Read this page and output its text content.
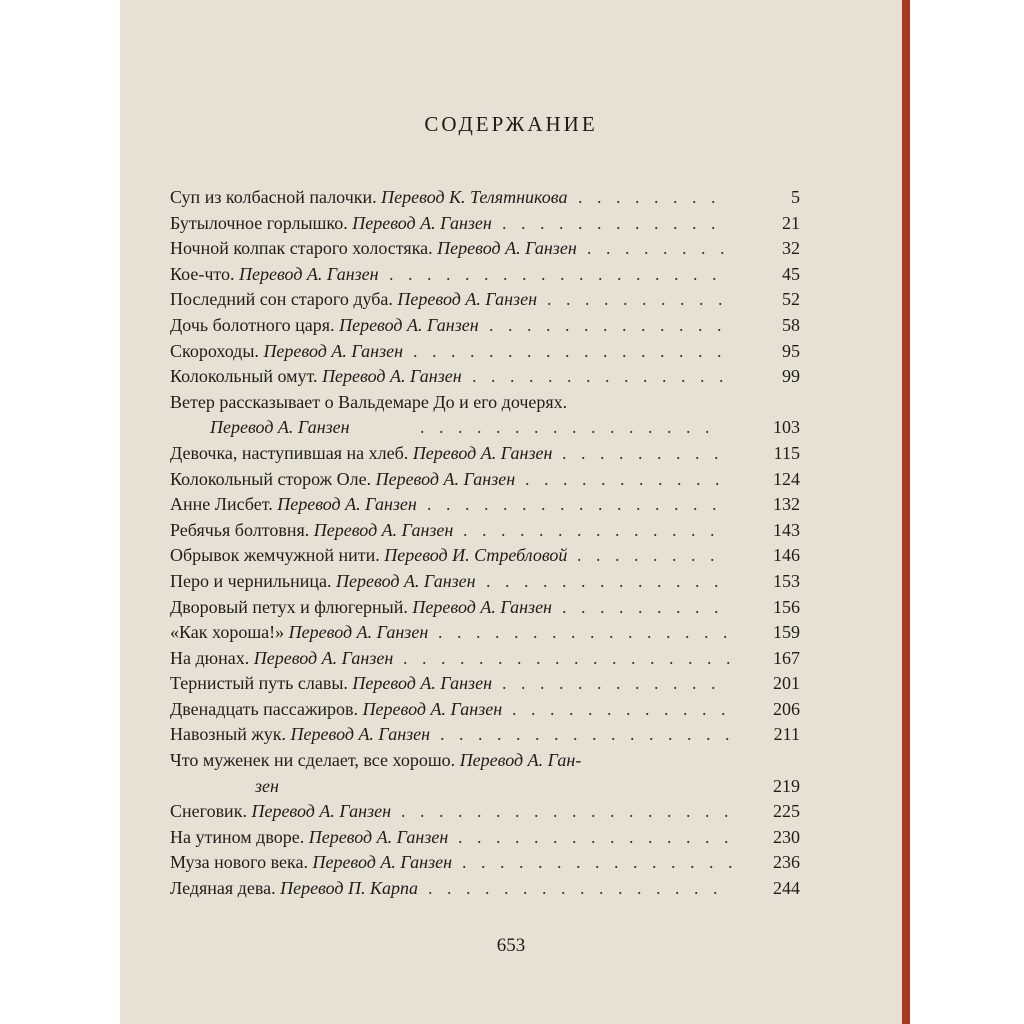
СОДЕРЖАНИЕ
Суп из колбасной палочки. Перевод К. Телятникова	5
. . . . . . . .
Бутылочное горлышко. Перевод А. Ганзен	21
. . . . . . . . . . . .
Ночной колпак старого холостяка. Перевод А. Ганзен	32
. . . . . . . .
Кое-что. Перевод А. Ганзен	45
. . . . . . . . . . . . . . . . . .
Последний сон старого дуба. Перевод А. Ганзен	52
. . . . . . . . . .
Дочь болотного царя. Перевод А. Ганзен	58
. . . . . . . . . . . . .
Скороходы. Перевод А. Ганзен	95
. . . . . . . . . . . . . . . . .
Колокольный омут. Перевод А. Ганзен	99
. . . . . . . . . . . . . .
Ветер рассказывает о Вальдемаре До и его дочерях.
Перевод А. Ганзен	. . . . . . . . . . . . . . . .	103
Девочка, наступившая на хлеб. Перевод А. Ганзен	115
. . . . . . . . .
Колокольный сторож Оле. Перевод А. Ганзен	124
. . . . . . . . . . .
Анне Лисбет. Перевод А. Ганзен	132
. . . . . . . . . . . . . . . .
Ребячья болтовня. Перевод А. Ганзен	143
. . . . . . . . . . . . . .
Обрывок жемчужной нити. Перевод И. Стребловой	146
. . . . . . . .
Перо и чернильница. Перевод А. Ганзен	153
. . . . . . . . . . . . .
Дворовый петух и флюгерный. Перевод А. Ганзен	156
. . . . . . . . .
«Как хороша!» Перевод А. Ганзен	159
. . . . . . . . . . . . . . . .
На дюнах. Перевод А. Ганзен	167
. . . . . . . . . . . . . . . . . .
Тернистый путь славы. Перевод А. Ганзен	201
. . . . . . . . . . . .
Двенадцать пассажиров. Перевод А. Ганзен	206
. . . . . . . . . . . .
Навозный жук. Перевод А. Ганзен	211
. . . . . . . . . . . . . . . .
Что муженек ни сделает, все хорошо. Перевод А. Ган-
зен	219
Снеговик. Перевод А. Ганзен	225
. . . . . . . . . . . . . . . . . .
На утином дворе. Перевод А. Ганзен	230
. . . . . . . . . . . . . . .
Муза нового века. Перевод А. Ганзен	236
. . . . . . . . . . . . . . .
Ледяная дева. Перевод П. Карпа	244
. . . . . . . . . . . . . . . .
653
